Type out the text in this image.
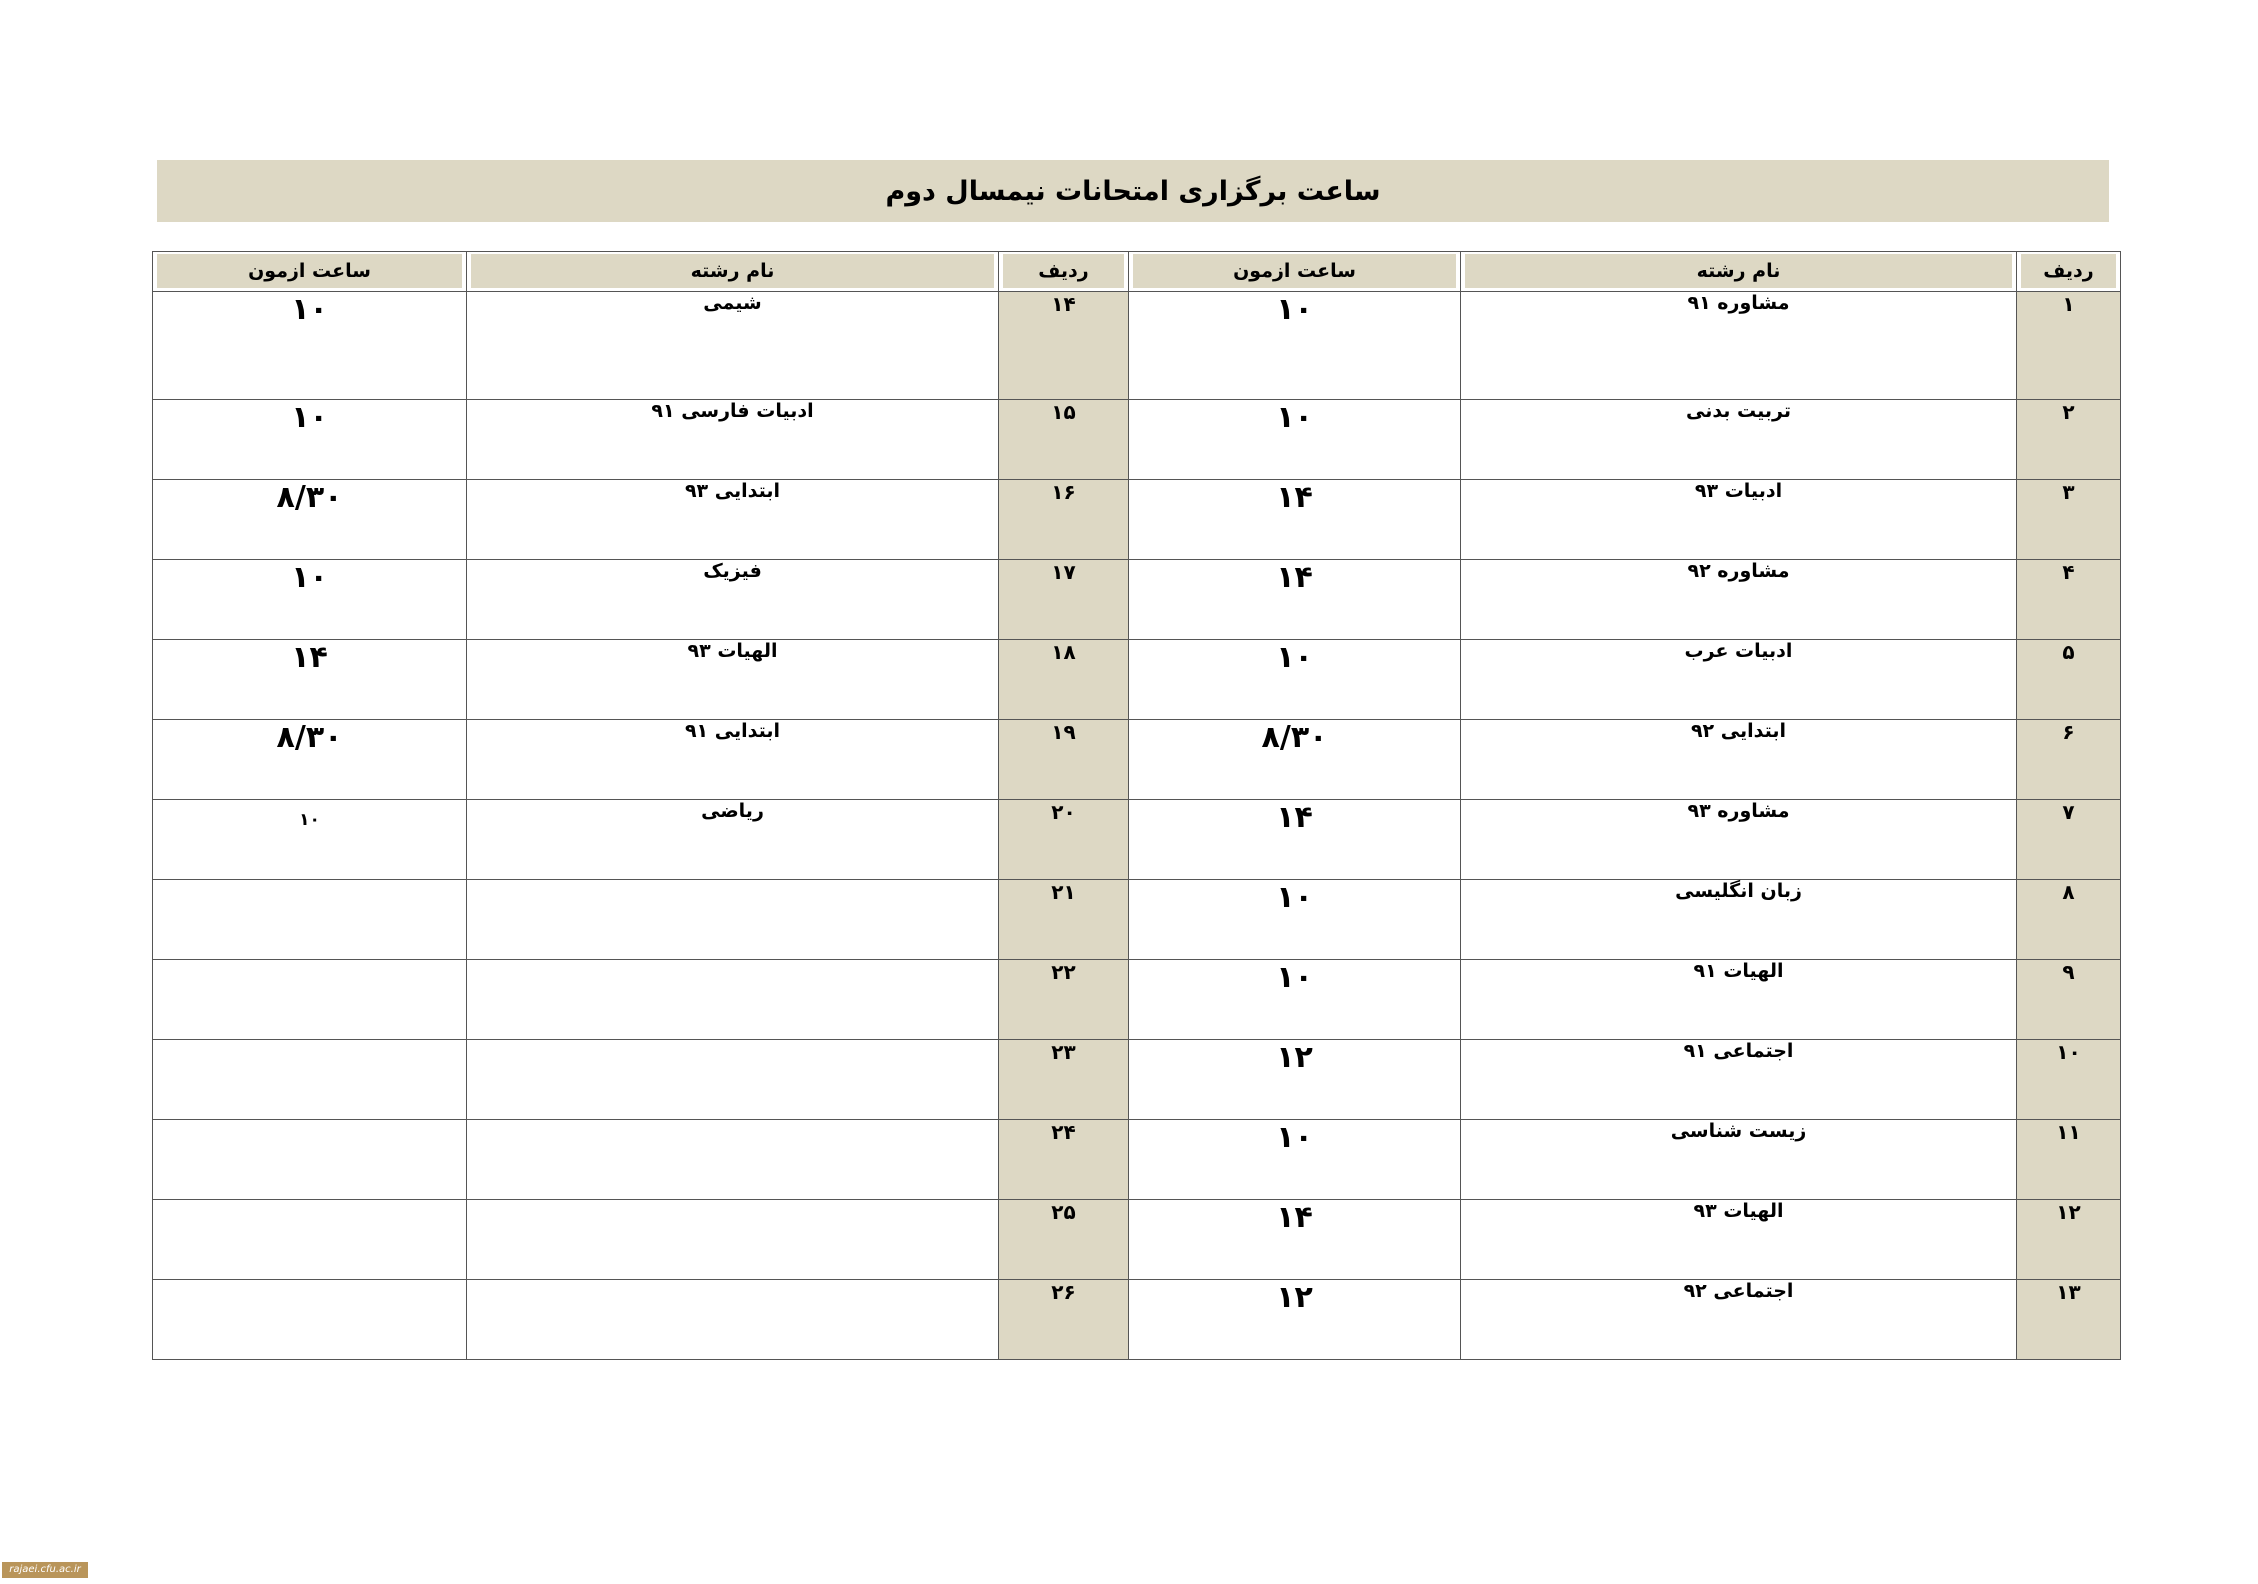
ساعت برگزاری امتحانات نیمسال دوم
ردیف	نام رشته	ساعت ازمون	ردیف	نام رشته	ساعت ازمون

۱	مشاوره ۹۱	۱۰	۱۴	شیمی	۱۰
۲	تربیت بدنی	۱۰	۱۵	ادبیات فارسی ۹۱	۱۰
۳	ادبیات ۹۳	۱۴	۱۶	ابتدایی ۹۳	۸/۳۰
۴	مشاوره ۹۲	۱۴	۱۷	فیزیک	۱۰
۵	ادبیات عرب	۱۰	۱۸	الهیات ۹۳	۱۴
۶	ابتدایی ۹۲	۸/۳۰	۱۹	ابتدایی ۹۱	۸/۳۰
۷	مشاوره ۹۳	۱۴	۲۰	ریاضی	۱۰
۸	زبان انگلیسی	۱۰	۲۱		
۹	الهیات ۹۱	۱۰	۲۲		
۱۰	اجتماعی ۹۱	۱۲	۲۳		
۱۱	زیست شناسی	۱۰	۲۴		
۱۲	الهیات ۹۳	۱۴	۲۵		
۱۳	اجتماعی ۹۲	۱۲	۲۶		
rajaei.cfu.ac.ir
